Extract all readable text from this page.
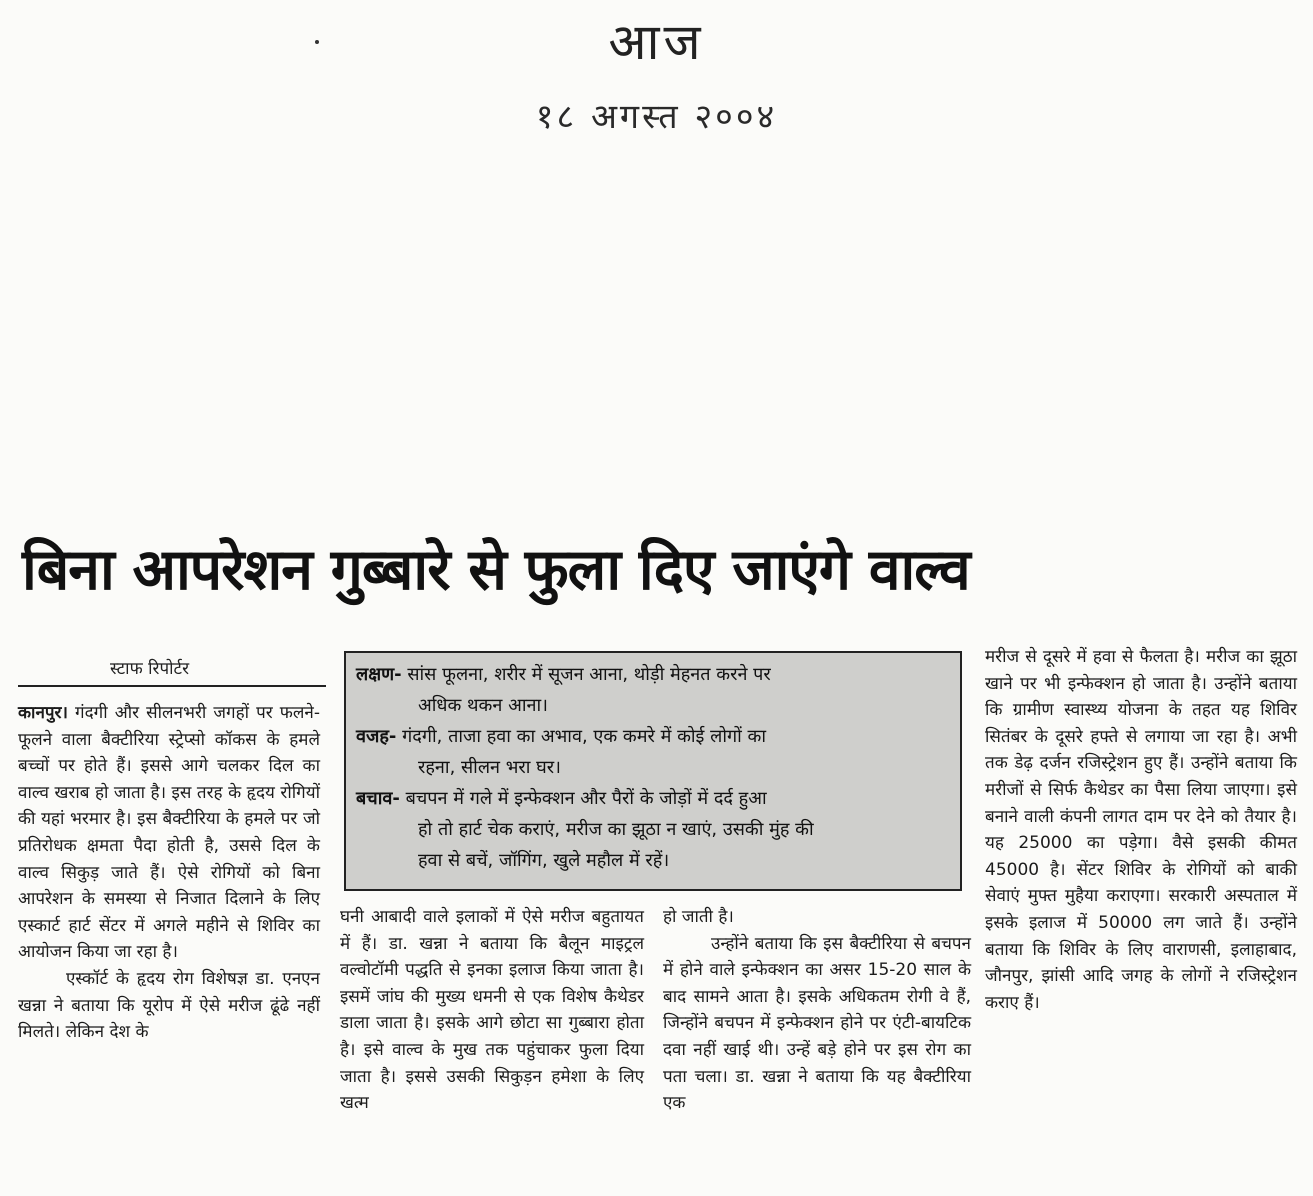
आज
१८ अगस्त २००४
बिना आपरेशन गुब्बारे से फुला दिए जाएंगे वाल्व
स्टाफ रिपोर्टर

कानपुर। गंदगी और सीलनभरी जगहों पर फलने-फूलने वाला बैक्टीरिया स्ट्रेप्सो कॉकस के हमले बच्चों पर होते हैं। इससे आगे चलकर दिल का वाल्व खराब हो जाता है। इस तरह के हृदय रोगियों की यहां भरमार है। इस बैक्टीरिया के हमले पर जो प्रतिरोधक क्षमता पैदा होती है, उससे दिल के वाल्व सिकुड़ जाते हैं। ऐसे रोगियों को बिना आपरेशन के समस्या से निजात दिलाने के लिए एस्कार्ट हार्ट सेंटर में अगले महीने से शिविर का आयोजन किया जा रहा है।

एस्कॉर्ट के हृदय रोग विशेषज्ञ डा. एनएन खन्ना ने बताया कि यूरोप में ऐसे मरीज ढूंढे नहीं मिलते। लेकिन देश के

लक्षण- सांस फूलना, शरीर में सूजन आना, थोड़ी मेहनत करने पर
अधिक थकन आना।
वजह- गंदगी, ताजा हवा का अभाव, एक कमरे में कोई लोगों का
रहना, सीलन भरा घर।
बचाव- बचपन में गले में इन्फेक्शन और पैरों के जोड़ों में दर्द हुआ
हो तो हार्ट चेक कराएं, मरीज का झूठा न खाएं, उसकी मुंह की
हवा से बचें, जॉगिंग, खुले महौल में रहें।

घनी आबादी वाले इलाकों में ऐसे मरीज बहुतायत में हैं। डा. खन्ना ने बताया कि बैलून माइट्रल वल्वोटॉमी पद्धति से इनका इलाज किया जाता है। इसमें जांघ की मुख्य धमनी से एक विशेष कैथेडर डाला जाता है। इसके आगे छोटा सा गुब्बारा होता है। इसे वाल्व के मुख तक पहुंचाकर फुला दिया जाता है। इससे उसकी सिकुड़न हमेशा के लिए खत्म

हो जाती है।

उन्होंने बताया कि इस बैक्टीरिया से बचपन में होने वाले इन्फेक्शन का असर 15-20 साल के बाद सामने आता है। इसके अधिकतम रोगी वे हैं, जिन्होंने बचपन में इन्फेक्शन होने पर एंटी-बायटिक दवा नहीं खाई थी। उन्हें बड़े होने पर इस रोग का पता चला। डा. खन्ना ने बताया कि यह बैक्टीरिया एक

मरीज से दूसरे में हवा से फैलता है। मरीज का झूठा खाने पर भी इन्फेक्शन हो जाता है। उन्होंने बताया कि ग्रामीण स्वास्थ्य योजना के तहत यह शिविर सितंबर के दूसरे हफ्ते से लगाया जा रहा है। अभी तक डेढ़ दर्जन रजिस्ट्रेशन हुए हैं। उन्होंने बताया कि मरीजों से सिर्फ कैथेडर का पैसा लिया जाएगा। इसे बनाने वाली कंपनी लागत दाम पर देने को तैयार है। यह 25000 का पड़ेगा। वैसे इसकी कीमत 45000 है। सेंटर शिविर के रोगियों को बाकी सेवाएं मुफ्त मुहैया कराएगा। सरकारी अस्पताल में इसके इलाज में 50000 लग जाते हैं। उन्होंने बताया कि शिविर के लिए वाराणसी, इलाहाबाद, जौनपुर, झांसी आदि जगह के लोगों ने रजिस्ट्रेशन कराए हैं।
